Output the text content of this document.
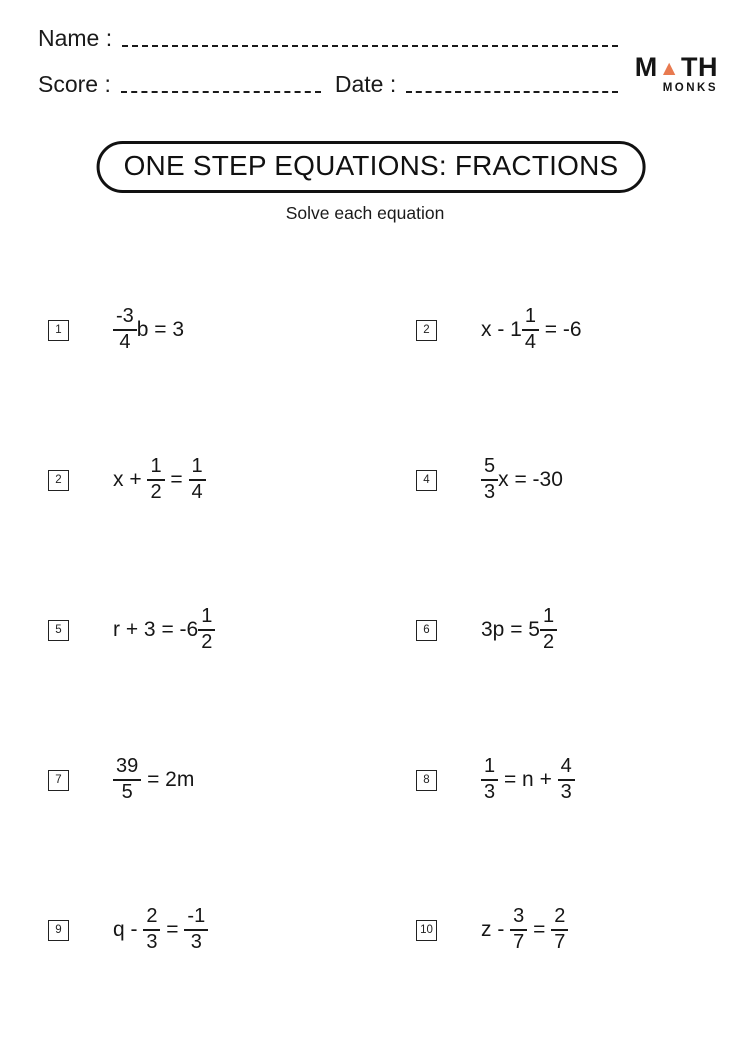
Name :
Score :	Date :
M ▲ TH
MONKS
ONE STEP EQUATIONS: FRACTIONS
Solve each equation
1	$\frac{-3}{4}$ b = 3	2	$x - 1 \frac{1}{4} = -6$
2	$x + \frac{1}{2} = \frac{1}{4}$	4	$\frac{5}{3}$ x = -30
5	$r + 3 = -6 \frac{1}{2}$	6	$3p = 5 \frac{1}{2}$
7	$\frac{39}{5} = 2m$	8	$\frac{1}{3} = n + \frac{4}{3}$
9	$q - \frac{2}{3} = \frac{-1}{3}$	10 $z - \frac{3}{7} = \frac{2}{7}$
